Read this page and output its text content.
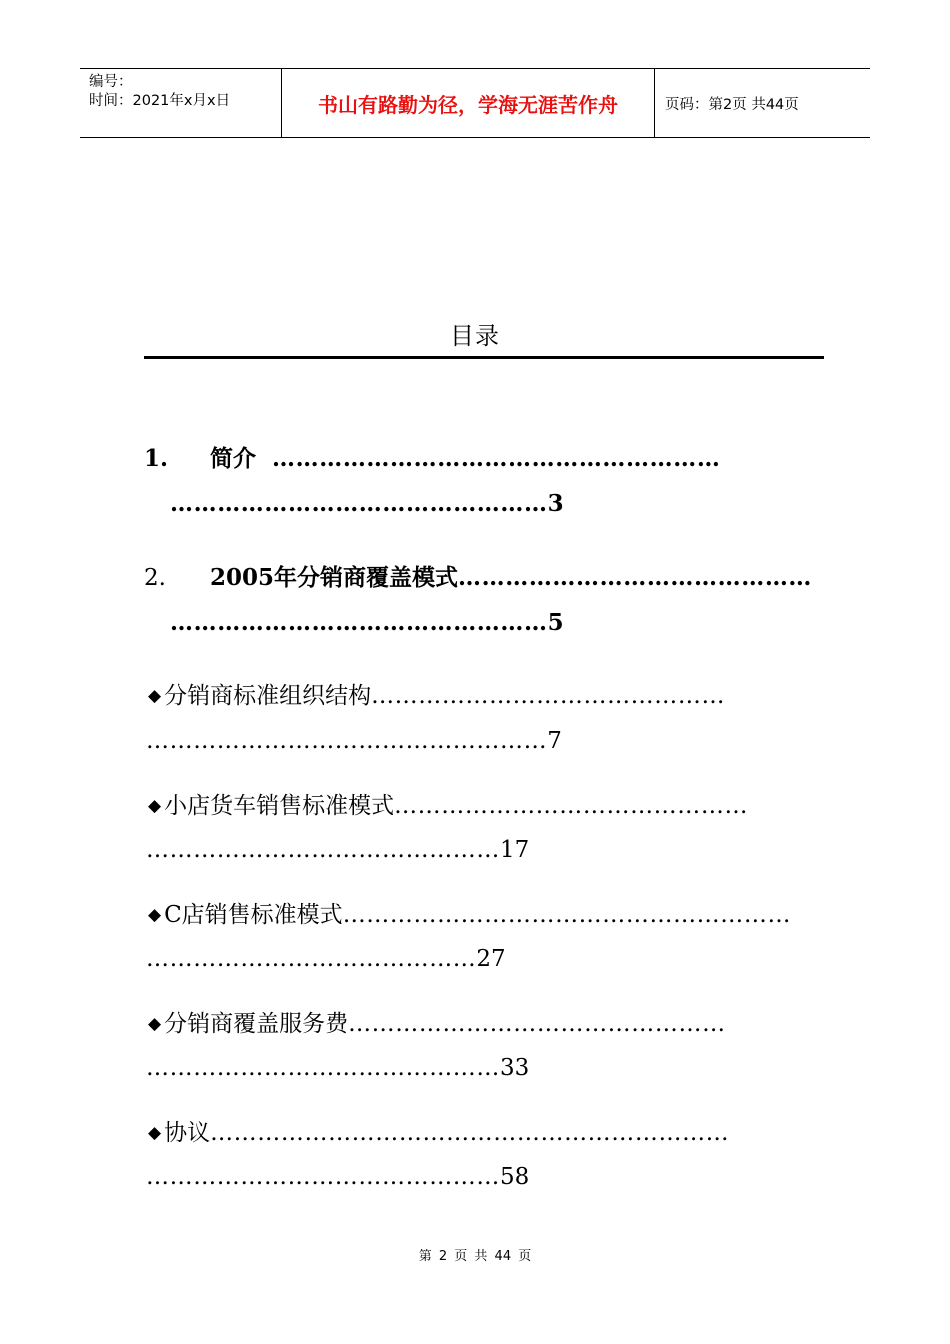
编号：
时间：2021年x月x日	书山有路勤为径，学海无涯苦作舟	页码：第2页 共44页
目录
1. 简介 …………………………………………………
…………………………………………3
2. 2005年分销商覆盖模式………………………………………
…………………………………………5
◆ 分销商标准组织结构………………………………………
……………………………………………7
◆ 小店货车销售标准模式………………………………………
………………………………………17
◆ C店销售标准模式…………………………………………………
……………………………………27
◆ 分销商覆盖服务费…………………………………………
………………………………………33
◆ 协议…………………………………………………………
………………………………………58
第 2 页 共 44 页
